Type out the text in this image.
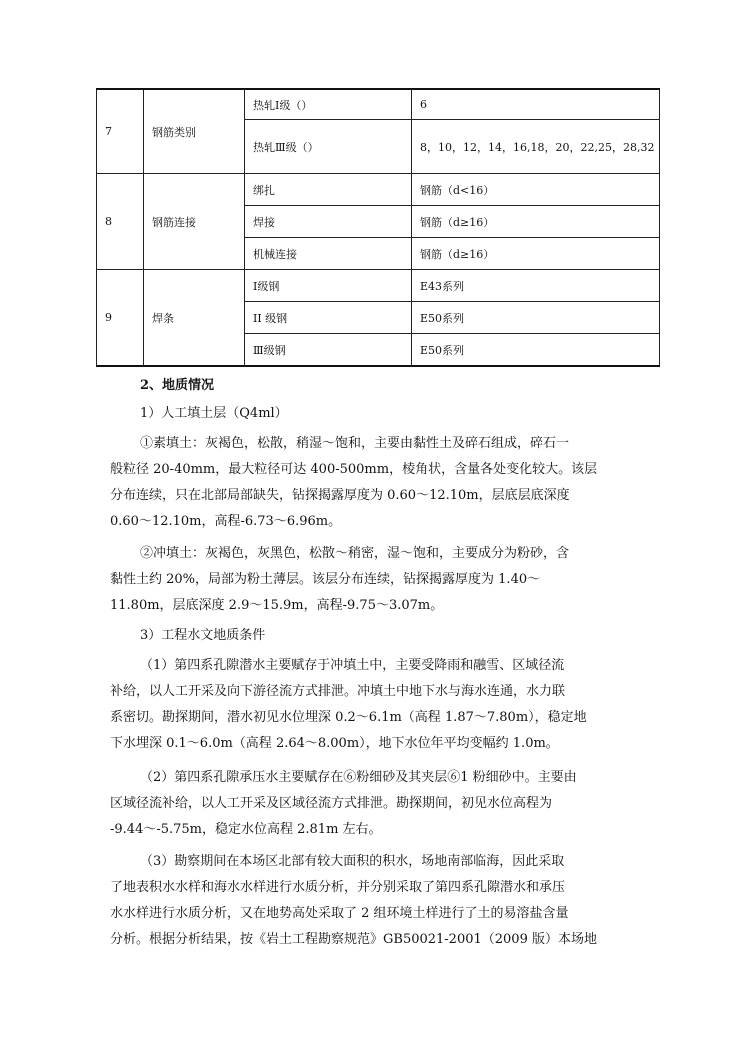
7	钢筋类别	热轧Ⅰ级（）	6
		热轧Ⅲ级（）	8，10，12，14，16,18，20，22,25，28,32
8	钢筋连接	绑扎	钢筋（d<16）
		焊接	钢筋（d≥16）
		机械连接	钢筋（d≥16）
9	焊条	Ⅰ级钢	E43系列
		II 级钢	E50系列
		Ⅲ级钢	E50系列
2、地质情况
1）人工填土层（Q4ml）
①素填土：灰褐色，松散，稍湿～饱和，主要由黏性土及碎石组成，碎石一
般粒径 20-40mm，最大粒径可达 400-500mm，棱角状，含量各处变化较大。该层
分布连续，只在北部局部缺失，钻探揭露厚度为 0.60～12.10m，层底层底深度
0.60～12.10m，高程-6.73～6.96m。
②冲填土：灰褐色，灰黑色，松散～稍密，湿～饱和，主要成分为粉砂，含
黏性土约 20%，局部为粉土薄层。该层分布连续，钻探揭露厚度为 1.40～
11.80m，层底深度 2.9～15.9m，高程-9.75～3.07m。
3）工程水文地质条件
（1）第四系孔隙潜水主要赋存于冲填土中，主要受降雨和融雪、区域径流
补给，以人工开采及向下游径流方式排泄。冲填土中地下水与海水连通，水力联
系密切。勘探期间，潜水初见水位埋深 0.2～6.1m（高程 1.87～7.80m），稳定地
下水埋深 0.1～6.0m（高程 2.64～8.00m），地下水位年平均变幅约 1.0m。
（2）第四系孔隙承压水主要赋存在⑥粉细砂及其夹层⑥1 粉细砂中。主要由
区域径流补给，以人工开采及区域径流方式排泄。勘探期间，初见水位高程为
-9.44～-5.75m，稳定水位高程 2.81m 左右。
（3）勘察期间在本场区北部有较大面积的积水，场地南部临海，因此采取
了地表积水水样和海水水样进行水质分析，并分别采取了第四系孔隙潜水和承压
水水样进行水质分析，又在地势高处采取了 2 组环境土样进行了土的易溶盐含量
分析。根据分析结果，按《岩土工程勘察规范》GB50021-2001（2009 版）本场地
